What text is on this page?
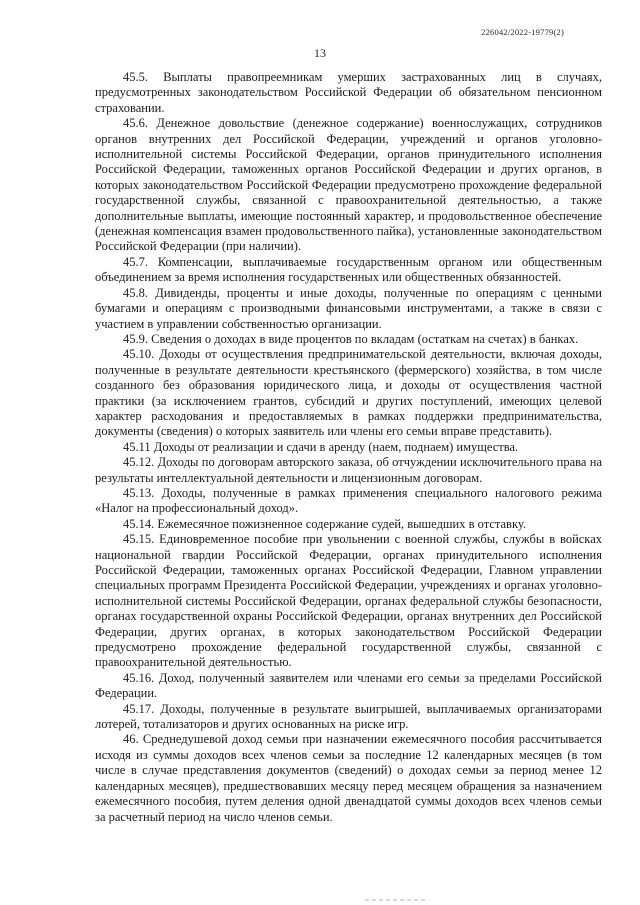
226042/2022-19779(2)
13

45.5. Выплаты правопреемникам умерших застрахованных лиц в случаях, предусмотренных законодательством Российской Федерации об обязательном пенсионном страховании.

45.6. Денежное довольствие (денежное содержание) военнослужащих, сотрудников органов внутренних дел Российской Федерации, учреждений и органов уголовно-исполнительной системы Российской Федерации, органов принудительного исполнения Российской Федерации, таможенных органов Российской Федерации и других органов, в которых законодательством Российской Федерации предусмотрено прохождение федеральной государственной службы, связанной с правоохранительной деятельностью, а также дополнительные выплаты, имеющие постоянный характер, и продовольственное обеспечение (денежная компенсация взамен продовольственного пайка), установленные законодательством Российской Федерации (при наличии).

45.7. Компенсации, выплачиваемые государственным органом или общественным объединением за время исполнения государственных или общественных обязанностей.

45.8. Дивиденды, проценты и иные доходы, полученные по операциям с ценными бумагами и операциям с производными финансовыми инструментами, а также в связи с участием в управлении собственностью организации.

45.9. Сведения о доходах в виде процентов по вкладам (остаткам на счетах) в банках.

45.10. Доходы от осуществления предпринимательской деятельности, включая доходы, полученные в результате деятельности крестьянского (фермерского) хозяйства, в том числе созданного без образования юридического лица, и доходы от осуществления частной практики (за исключением грантов, субсидий и других поступлений, имеющих целевой характер расходования и предоставляемых в рамках поддержки предпринимательства, документы (сведения) о которых заявитель или члены его семьи вправе представить).

45.11 Доходы от реализации и сдачи в аренду (наем, поднаем) имущества.

45.12. Доходы по договорам авторского заказа, об отчуждении исключительного права на результаты интеллектуальной деятельности и лицензионным договорам.

45.13. Доходы, полученные в рамках применения специального налогового режима «Налог на профессиональный доход».

45.14. Ежемесячное пожизненное содержание судей, вышедших в отставку.

45.15. Единовременное пособие при увольнении с военной службы, службы в войсках национальной гвардии Российской Федерации, органах принудительного исполнения Российской Федерации, таможенных органах Российской Федерации, Главном управлении специальных программ Президента Российской Федерации, учреждениях и органах уголовно-исполнительной системы Российской Федерации, органах федеральной службы безопасности, органах государственной охраны Российской Федерации, органах внутренних дел Российской Федерации, других органах, в которых законодательством Российской Федерации предусмотрено прохождение федеральной государственной службы, связанной с правоохранительной деятельностью.

45.16. Доход, полученный заявителем или членами его семьи за пределами Российской Федерации.

45.17. Доходы, полученные в результате выигрышей, выплачиваемых организаторами лотерей, тотализаторов и других основанных на риске игр.

46. Среднедушевой доход семьи при назначении ежемесячного пособия рассчитывается исходя из суммы доходов всех членов семьи за последние 12 календарных месяцев (в том числе в случае представления документов (сведений) о доходах семьи за период менее 12 календарных месяцев), предшествовавших месяцу перед месяцем обращения за назначением ежемесячного пособия, путем деления одной двенадцатой суммы доходов всех членов семьи за расчетный период на число членов семьи.
